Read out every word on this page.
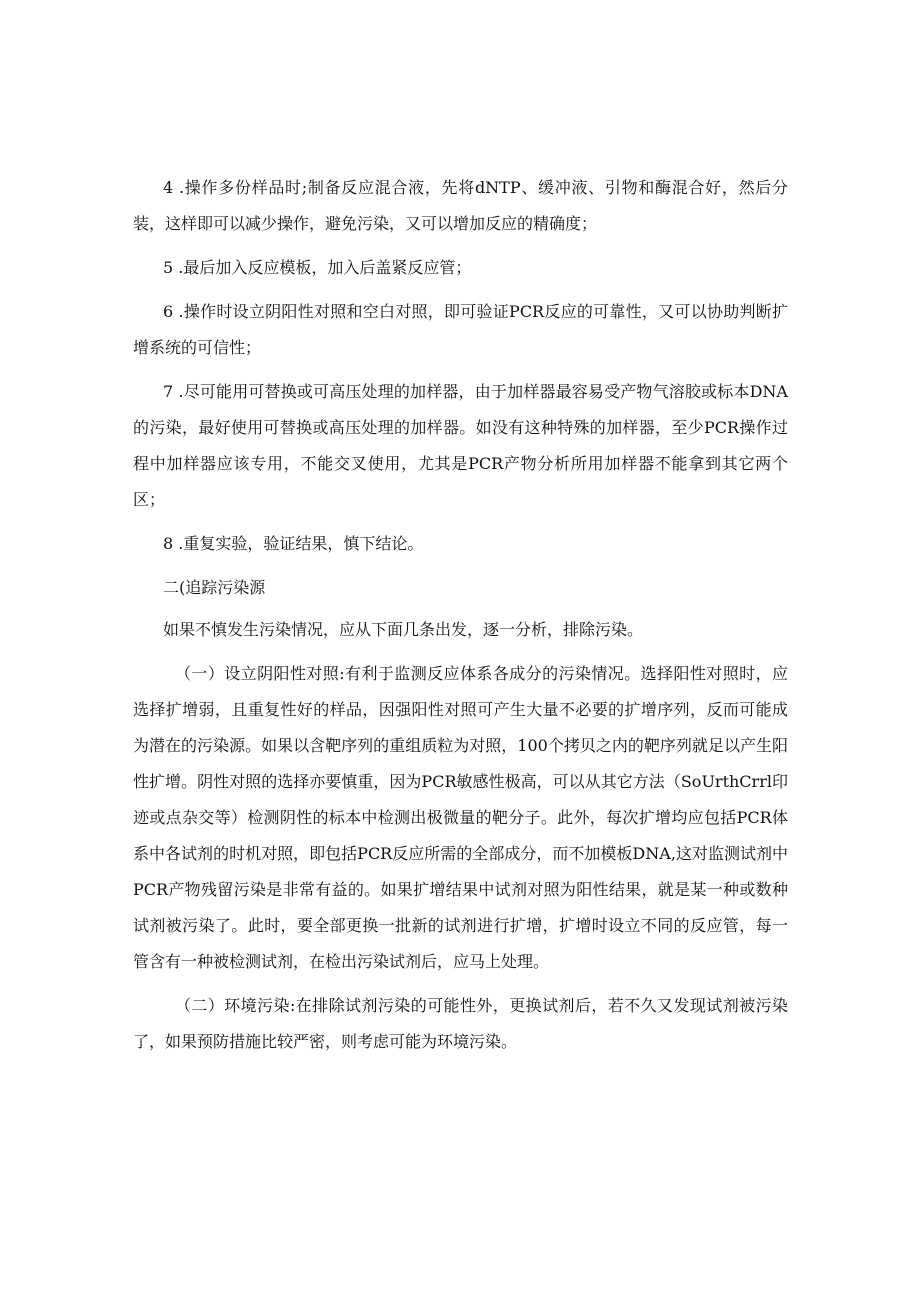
4 .操作多份样品时;制备反应混合液，先将dNTP、缓冲液、引物和酶混合好，然后分装，这样即可以减少操作，避免污染，又可以增加反应的精确度；

5 .最后加入反应模板，加入后盖紧反应管；

6 .操作时设立阴阳性对照和空白对照，即可验证PCR反应的可靠性，又可以协助判断扩增系统的可信性；

7 .尽可能用可替换或可高压处理的加样器，由于加样器最容易受产物气溶胶或标本DNA的污染，最好使用可替换或高压处理的加样器。如没有这种特殊的加样器，至少PCR操作过程中加样器应该专用，不能交叉使用，尤其是PCR产物分析所用加样器不能拿到其它两个区；

8 .重复实验，验证结果，慎下结论。

二(追踪污染源

如果不慎发生污染情况，应从下面几条出发，逐一分析，排除污染。

（一）设立阴阳性对照:有利于监测反应体系各成分的污染情况。选择阳性对照时，应选择扩增弱，且重复性好的样品，因强阳性对照可产生大量不必要的扩增序列，反而可能成为潜在的污染源。如果以含靶序列的重组质粒为对照，100个拷贝之内的靶序列就足以产生阳性扩增。阴性对照的选择亦要慎重，因为PCR敏感性极高，可以从其它方法（SoUrthCrrl印迹或点杂交等）检测阴性的标本中检测出极微量的靶分子。此外，每次扩增均应包括PCR体系中各试剂的时机对照，即包括PCR反应所需的全部成分，而不加模板DNA,这对监测试剂中PCR产物残留污染是非常有益的。如果扩增结果中试剂对照为阳性结果，就是某一种或数种试剂被污染了。此时，要全部更换一批新的试剂进行扩增，扩增时设立不同的反应管，每一管含有一种被检测试剂，在检出污染试剂后，应马上处理。

（二）环境污染:在排除试剂污染的可能性外，更换试剂后，若不久又发现试剂被污染了，如果预防措施比较严密，则考虑可能为环境污染。
